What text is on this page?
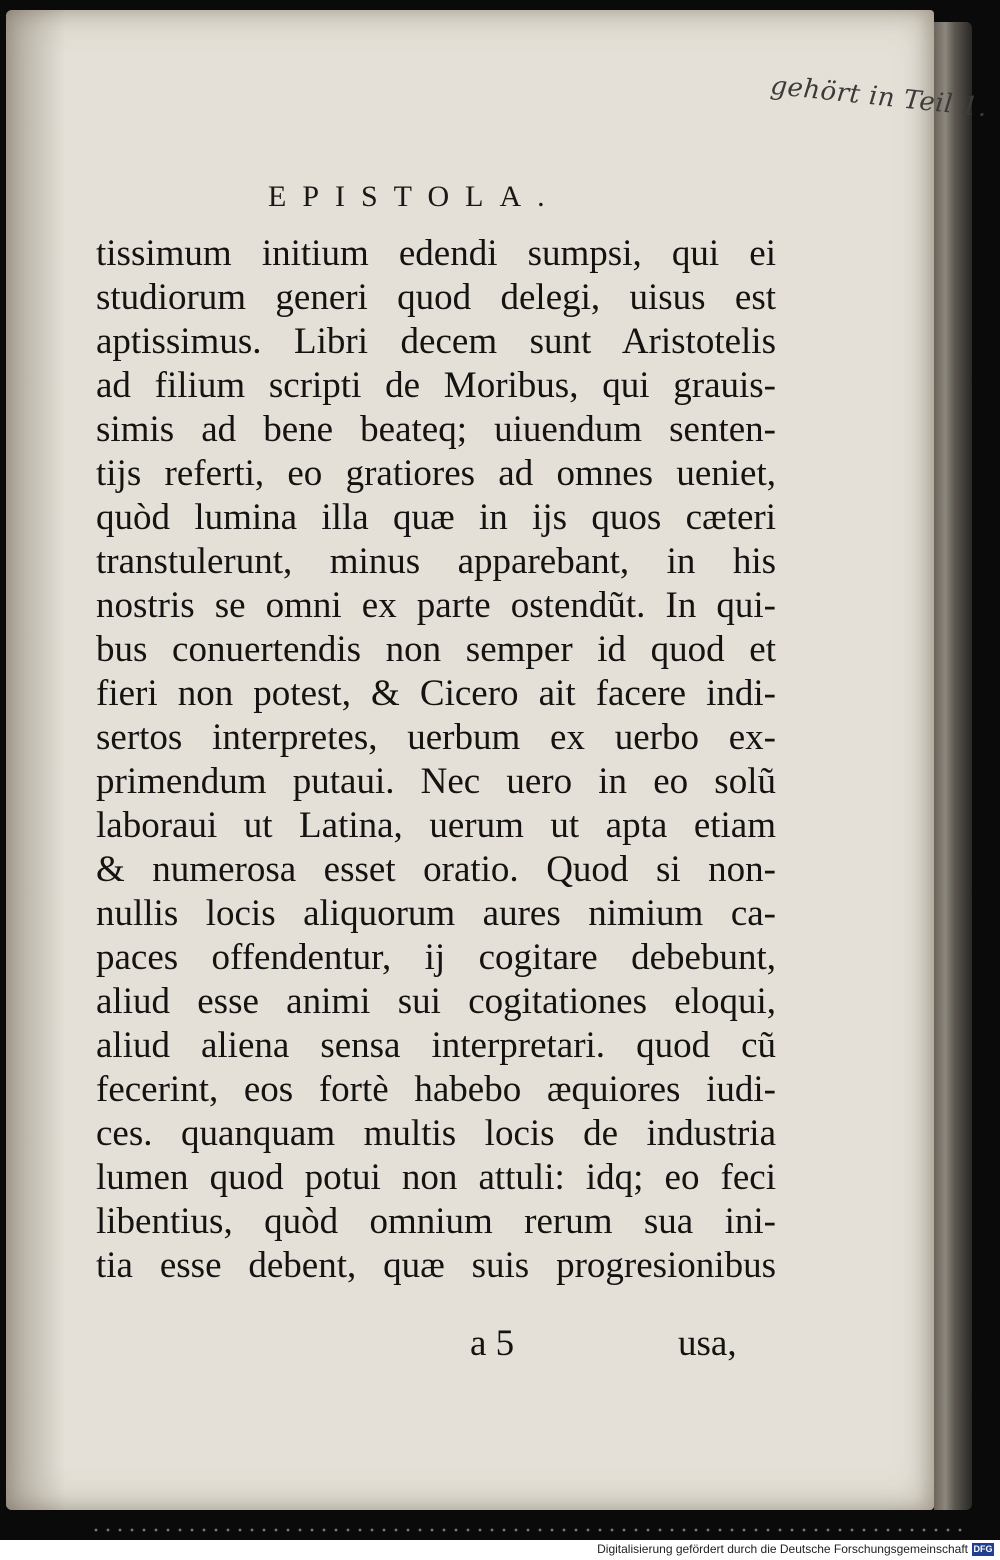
gehört in Teil 1.
EPISTOLA.
tissimum initium edendi sumpsi, qui ei
studiorum generi quod delegi, uisus est
aptissimus. Libri decem sunt Aristotelis
ad filium scripti de Moribus, qui grauis-
simis ad bene beateq; uiuendum senten-
tijs referti, eo gratiores ad omnes ueniet,
quòd lumina illa quæ in ijs quos cæteri
transtulerunt, minus apparebant, in his
nostris se omni ex parte ostendũt. In qui-
bus conuertendis non semper id quod et
fieri non potest, & Cicero ait facere indi-
sertos interpretes, uerbum ex uerbo ex-
primendum putaui. Nec uero in eo solũ
laboraui ut Latina, uerum ut apta etiam
& numerosa esset oratio. Quod si non-
nullis locis aliquorum aures nimium ca-
paces offendentur, ij cogitare debebunt,
aliud esse animi sui cogitationes eloqui,
aliud aliena sensa interpretari. quod cũ
fecerint, eos fortè habebo æquiores iudi-
ces. quanquam multis locis de industria
lumen quod potui non attuli: idq; eo feci
libentius, quòd omnium rerum sua ini-
tia esse debent, quæ suis progresionibus
a 5	usa,
Digitalisierung gefördert durch die Deutsche Forschungsgemeinschaft DFG
